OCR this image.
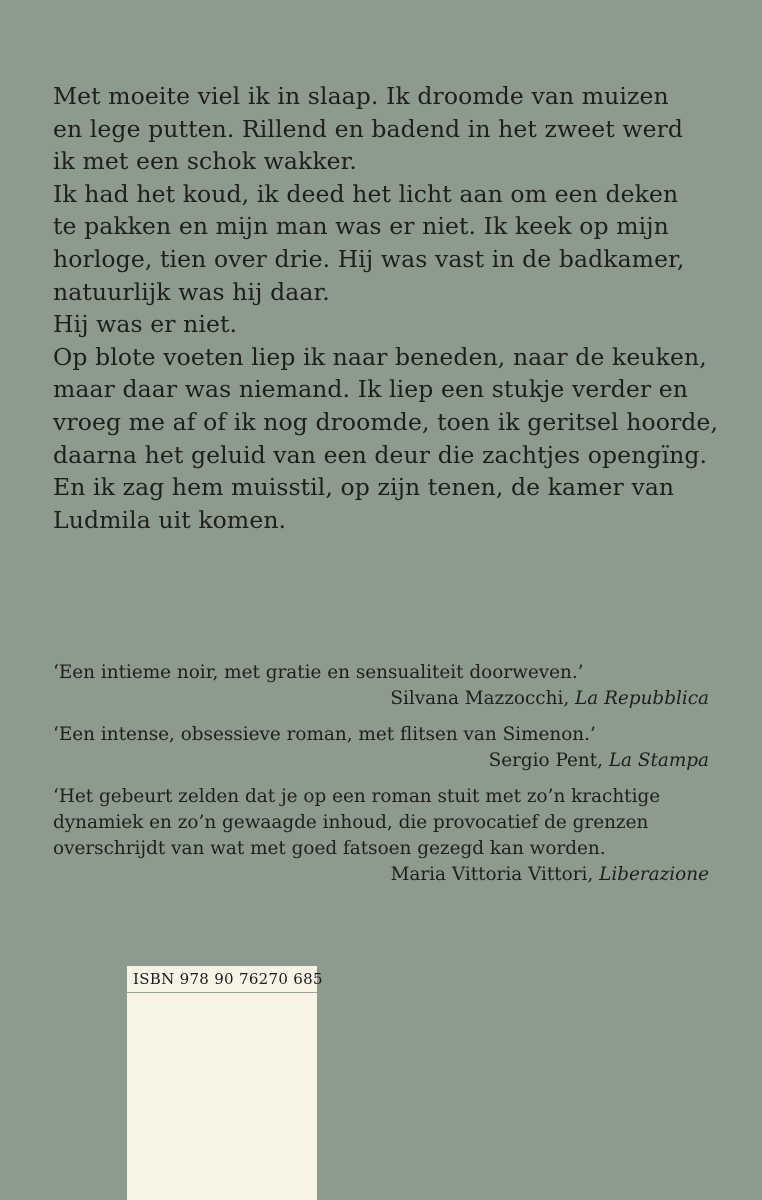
Met moeite viel ik in slaap. Ik droomde van muizen
en lege putten. Rillend en badend in het zweet werd
ik met een schok wakker.
Ik had het koud, ik deed het licht aan om een deken
te pakken en mijn man was er niet. Ik keek op mijn
horloge, tien over drie. Hij was vast in de badkamer,
natuurlijk was hij daar.
Hij was er niet.
Op blote voeten liep ik naar beneden, naar de keuken,
maar daar was niemand. Ik liep een stukje verder en
vroeg me af of ik nog droomde, toen ik geritsel hoorde,
daarna het geluid van een deur die zachtjes opengïng.
En ik zag hem muisstil, op zijn tenen, de kamer van
Ludmila uit komen.
‘Een intieme noir, met gratie en sensualiteit doorweven.’
Silvana Mazzocchi, La Repubblica
‘Een intense, obsessieve roman, met flitsen van Simenon.’
Sergio Pent, La Stampa
‘Het gebeurt zelden dat je op een roman stuit met zo’n krachtige
dynamiek en zo’n gewaagde inhoud, die provocatief de grenzen
overschrijdt van wat met goed fatsoen gezegd kan worden.
Maria Vittoria Vittori, Liberazione
ISBN 978 90 76270 685
